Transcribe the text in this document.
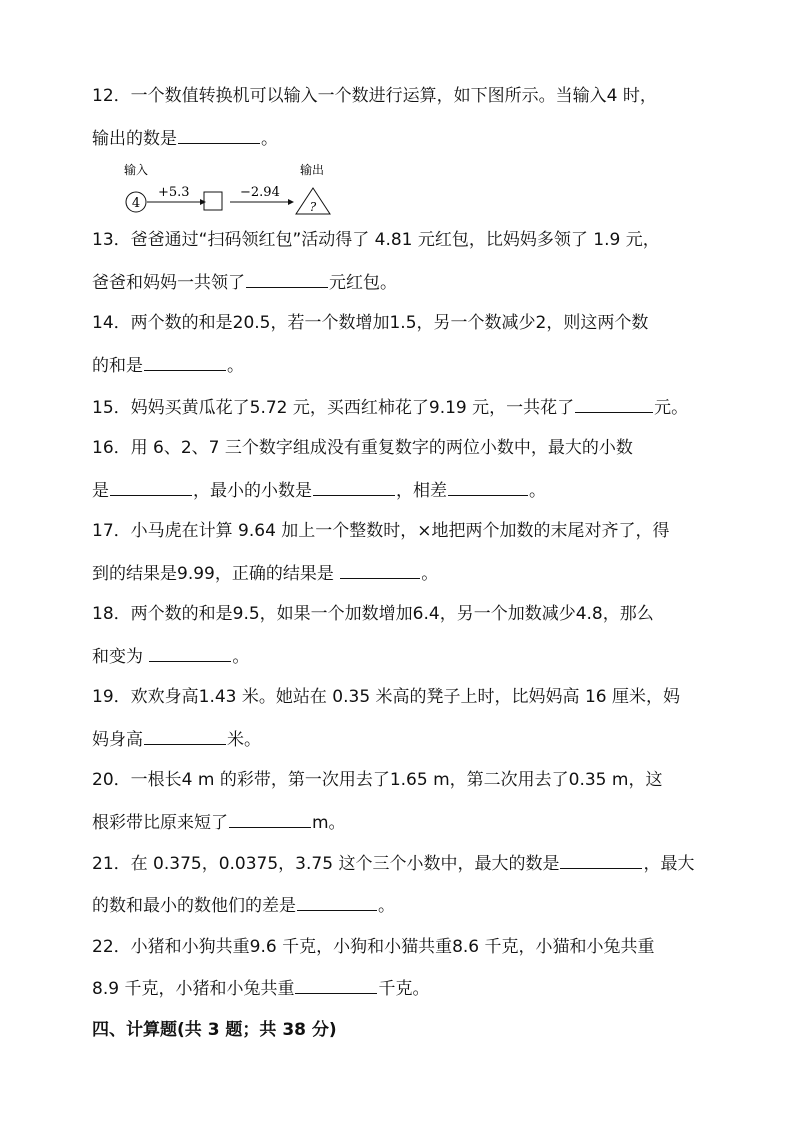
12．一个数值转换机可以输入一个数进行运算，如下图所示。当输入4 时，
输出的数是	。
输入	输出
4
+5.3	−2.94
?
13．爸爸通过“扫码领红包”活动得了 4.81 元红包，比妈妈多领了 1.9 元，
爸爸和妈妈一共领了	元红包。
14．两个数的和是20.5，若一个数增加1.5，另一个数减少2，则这两个数
的和是	。
15．妈妈买黄瓜花了5.72 元，买西红柿花了9.19 元，一共花了	元。
16．用 6、2、7 三个数字组成没有重复数字的两位小数中，最大的小数
是	，最小的小数是	，相差	。
17．小马虎在计算 9.64 加上一个整数时，×地把两个加数的末尾对齐了，得
到的结果是9.99，正确的结果是	。
18．两个数的和是9.5，如果一个加数增加6.4，另一个加数减少4.8，那么
和变为	。
19．欢欢身高1.43 米。她站在 0.35 米高的凳子上时，比妈妈高 16 厘米，妈
妈身高	米。
20．一根长4 m 的彩带，第一次用去了1.65 m，第二次用去了0.35 m，这
根彩带比原来短了	m。
21．在 0.375，0.0375，3.75 这个三个小数中，最大的数是	，最大
的数和最小的数他们的差是	。
22．小猪和小狗共重9.6 千克，小狗和小猫共重8.6 千克，小猫和小兔共重
8.9 千克，小猪和小兔共重	千克。
四、计算题(共 3 题；共 38 分)
